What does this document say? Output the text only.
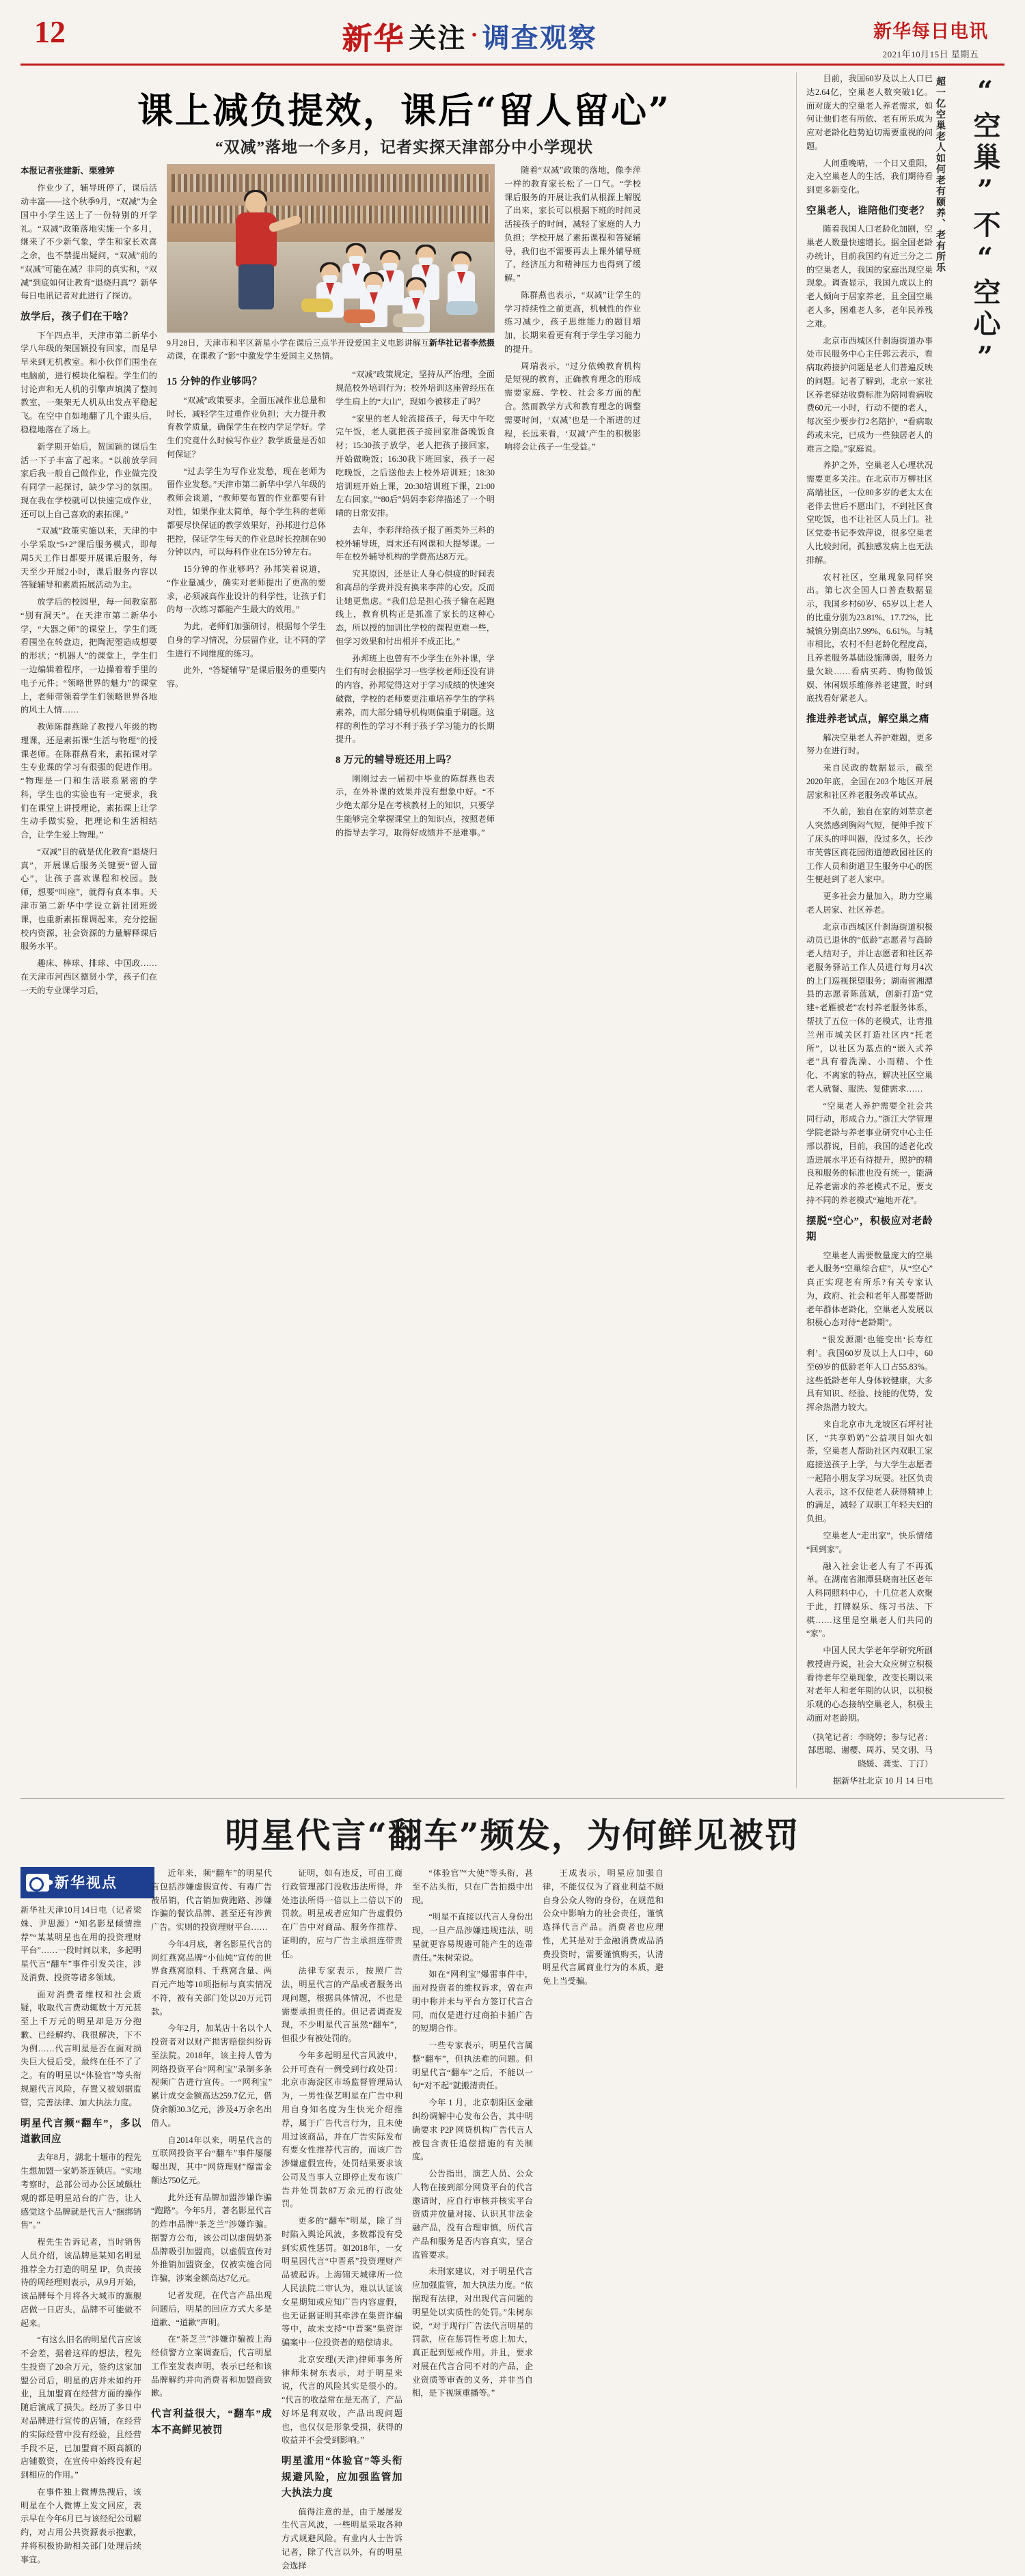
12	新华 关注 · 调查观察	新华每日电讯
2021年10月15日 星期五
课上减负提效，课后“留人留心”
“双减”落地一个多月，记者实探天津部分中小学现状
本报记者张建新、栗雅婷

作业少了，辅导班停了，课后活动丰富——这个秋季9月，“双减”为全国中小学生送上了一份特别的开学礼。“双减”政策落地实施一个多月，继来了不少新气象，学生和家长欢喜之余，也不禁提出疑问，“双减”前的“双减”可能在减？非同的真实和，“双减”到底如何让教育“退烧归真”？新华每日电讯记者对此进行了探访。

放学后，孩子们在干啥？

下午四点半，天津市第二新华小学八年级的架国颖投有回家，而是早早来到无机教室。和小伙伴们围坐在电脑前，进行模块化编程。学生们的讨论声和无人机的引擎声填满了整间教室，一架架无人机从出发点平稳起飞。在空中自如地翻了几个跟头后，稳稳地落在了场上。

新学期开始后，贺国颖的课后生活一下子丰富了起来。“以前放学回家后我一般自己做作业，作业做完没有同学一起探讨，缺少学习的氛围。现在我在学校就可以快速完成作业，还可以上自己喜欢的素拓课。”

“双减”政策实施以来，天津的中小学采取“5+2”课后服务模式，即每周5天工作日都要开展课后服务，每天至少开展2小时，课后服务内容以答疑辅导和素质拓展活动为主。

放学后的校园里，每一间教室都“别有洞天”。在天津市第二新华小学，“大器之师”的课堂上，学生们既看围坐在转盘边，把陶泥塑造成想要的形状；“机器人”的课堂上，学生们一边编辑着程序，一边操着着手里的电子元件；“领略世界的魅力”的课堂上，老师带领着学生们领略世界各地的风土人情……

教师陈群燕除了教授八年级的物理课，还是素拓课“生活与物理”的授课老师。在陈群燕看来，素拓课对学生专业课的学习有很强的促进作用。“物理是一门和生活联系紧密的学科，学生也的实验也有一定要求，我们在课堂上讲授理论，素拓课上让学生动手做实验，把理论和生活相结合，让学生爱上物理。”

“双减”目的就是优化教育“退烧归真”，开展课后服务关键要“留人留心”，让孩子喜欢课程和校园。鼓师，想要“叫座”，就得有真本事。天津市第二新华中学设立新社团班级课，也重新素拓课调起来，充分挖掘校内资源，社会资源的力量解释课后服务水平。

趣床、棒球、排球、中国政……在天津市河西区德贤小学，孩子们在一天的专业课学习后，

新华社记者李然摄
9月28日，天津市和平区新星小学在课后三点半开设爱国主义电影讲解互动课，在课教了“影”中激发学生爱国主义热情。
15 分钟的作业够吗？

“双减”政策要求，全面压减作业总量和时长，减轻学生过重作业负担；大力提升教育教学质量，确保学生在校内学足学好。学生们究竟什么时候写作业？教学质量是否如何保证？

“过去学生为写作业发愁，现在老师为留作业发愁。”天津市第二新华中学八年级的教师会谈道，“教师要布置的作业都要有针对性，如果作业太简单，每个学生科的老师都要尽快保证的教学效果好，孙邦进行总体把控，保证学生每天的作业总时长控制在90分钟以内，可以每科作业在15分钟左右。

15分钟的作业够吗？孙邦笑着说道，“作业量减少，确实对老师提出了更高的要求，必须减高作业设计的科学性，让孩子们的每一次练习都能产生最大的效用。”

为此，老师们加强研讨，根据每个学生自身的学习情况，分层留作业，让不同的学生进行不同维度的练习。

此外，“答疑辅导”是课后服务的重要内容。

“双减”政策规定，坚持从严治理，全面规范校外培训行为；校外培训这座曾经压在学生肩上的“大山”，现如今被移走了吗？

“家里的老人轮流接孩子，每天中午吃完午饭，老人就把孩子接回家准备晚饭食材；15:30孩子放学，老人把孩子接回家，开始做晚饭；16:30我下班回家，孩子一起吃晚饭，之后送他去上校外培训班；18:30培训班开始上课，20:30培训班下课，21:00左右回家。”“80后”妈妈李彩萍描述了一个明晴的日常安排。

去年，李彩萍给孩子报了画类外三科的校外辅导班，周末还有网课和大提琴课。一年在校外辅导机构的学费高达8万元。

究其原因，还是让人身心俱疲的时间表和高昂的学费并没有换来李萍的心安。反而让她更焦虑。“我们总是担心孩子输在起跑线上，教育机构正是抓准了家长的这种心态，所以授的加训比学校的课程更难一些，但学习效果和付出相并不成正比。”

孙邦班上也曾有不少学生在外补课，学生们有时会根据学习一些学校老师还没有讲的内容，孙邦觉得这对于学习成绩的快速突破微，学校的老师要更注重培养学生的学科素养，而大部分辅导机构则偏重于刷题。这样的利性的学习不利于孩子学习能力的长期提升。

8 万元的辅导班还用上吗？

刚刚过去一届初中毕业的陈群燕也表示，在外补课的效果并没有想象中好。“不少绝太部分是在考核教材上的知识，只要学生能够完全掌握课堂上的知识点，按照老师的指导去学习，取得好成绩并不是难事。”

随着“双减”政策的落地，像李萍一样的教育家长松了一口气。“学校课后服务的开展让我们从根源上解脱了出来，家长可以根据下班的时间灵活接孩子的时间，减轻了家庭的人力负担；学校开展了素拓课程和答疑辅导，我们也不需要再去上课外辅导班了，经济压力和精神压力也得到了缓解。”

陈群燕也表示，“双减”让学生的学习持续性之前更高，机械性的作业练习减少，孩子思维能力的题目增加，长期来看更有利于学生学习能力的提升。

周瑞表示，“过分依赖教育机构是短视的教育，正确教育理念的形成需要家庭、学校、社会多方面的配合。然而教学方式和教育理念的调整需要时间，‘双减’也是一个渐进的过程，长远来看，‘双减’产生的积极影响将会让孩子一生受益。”

“空巢”不“空心”
超一亿空巢老人如何老有颐养、老有所乐

目前，我国60岁及以上人口已达2.64亿，空巢老人数突破1亿。面对庞大的空巢老人养老需求，如何让他们老有所依、老有所乐成为应对老龄化趋势迫切需要重视的问题。

人间重晚晴，一个日又重阳，走入空巢老人的生活，我们期待看到更多新变化。

空巢老人，谁陪他们变老？

随着我国人口老龄化加剧，空巢老人数量快速增长。据全国老龄办统计，目前我国约有近三分之二的空巢老人，我国的家庭出现空巢现象。调查显示，我国九成以上的老人倾向于居家养老，且全国空巢老人多，困难老人多，老年民养残之难。

北京市西城区什刹海街道办事处市民服务中心主任郭云表示，看病取药接护问题是老人们普遍反映的问题。记者了解到，北京一家社区养老驿站收费标准为陪同看病收费60元一小时，行动不便的老人，每次至少要步行2名陪护，“看病取药或未完，已成为一些独居老人的难言之隐。”家庭说。

养护之外，空巢老人心理状况需要更多关注。在北京市万柳社区高端社区，一位80多岁的老太太在老伴去世后不愿出门，不到社区食堂吃饭，也不让社区人员上门。社区党委书记李效萍说，很多空巢老人比较封闭，孤独感发病上也无法排解。

农村社区，空巢现象同样突出。第七次全国人口普查数据显示，我国乡村60岁、65岁以上老人的比重分别为23.81%、17.72%，比城镇分别高出7.99%、6.61%。与城市相比，农村不但老龄化程度高，且养老服务基础设施薄弱，服务力量欠缺……看病买药、购物做饭娱、休闲娱乐维修养老建置，时到底找看好紧老人。

推进养老试点，解空巢之痛

解决空巢老人养护难题，更多努力在进行时。

来自民政的数据显示，截至2020年底，全国在203个地区开展居家和社区养老服务改革试点。

不久前，独自在家的刘莘京老人突然感到胸闷气短，便伸手按下了床头的呼叫器，没过多久，长沙市芙蓉区商花园街道德政园社区的工作人员和街道卫生服务中心的医生便赶到了老人家中。

更多社会力量加入，助力空巢老人居家、社区养老。

北京市西城区什刹海街道积极动员已退休的“低龄”志愿者与高龄老人结对子，并让志愿者和社区养老服务驿站工作人员进行每月4次的上门巡视探望服务；湖南省湘潭县的志愿者陈蓝斌，创新打造“党建+老雁被老”农村养老服务体系，帮扶了五位一体的老模式，让青推兰州市城关区打造社区内“托老所”，以社区为基点的“嵌入式养老”具有着洗澡、小而精、个性化、不离家的特点，解决社区空巢老人就餐、服洗、复健需求……

“空巢老人养护需要全社会共同行动，形成合力。”浙江大学管理学院老龄与养老事业研究中心主任邢以群说，目前，我国的适老化改造进展水平还有待提升，照护的精良和服务的标准也没有统一，能满足养老需求的养老模式不足，要支持不同的养老模式“遍地开花”。

摆脱“空心”，积极应对老龄期

空巢老人需要数量庞大的空巢老人服务“空巢综合症”，从“空心”真正实现老有所乐?有关专家认为，政府、社会和老年人都要帮助老年群体老龄化，空巢老人发展以积极心态对待“老龄期”。

“很发源潮‘也能变出‘长寿红利’。我国60岁及以上人口中，60至69岁的低龄老年人口占55.83%。这些低龄老年人身体较健康，大多具有知识、经验、技能的优势，发挥余热潜力较大。

来自北京市九龙坡区石坪村社区，“共享奶奶”公益项目如火如荼，空巢老人帮助社区内双职工家庭接送孩子上学，与大学生志愿者一起陪小朋友学习玩耍。社区负责人表示，这不仅使老人获得精神上的满足，减轻了双职工年轻夫妇的负担。

空巢老人“走出家”，快乐情绪“回到家”。

融入社会让老人有了不再孤单。在湖南省湘潭县晓南社区老年人科同照料中心，十几位老人欢聚于此，打牌娱乐、练习书法、下棋……这里是空巢老人们共同的“家”。

中国人民大学老年学研究所副教授唐丹说，社会大众应树立积极看待老年空巢现象，改变长期以来对老年人和老年期的认识，以积极乐观的心态接纳空巢老人，积极主动面对老龄期。

（执笔记者：李晓婷；参与记者：郜思聪、谢樱、周苏、吴文诩、马晓媛、龚雯、丁汀）
据新华社北京 10 月 14 日电
明星代言“翻车”频发，为何鲜见被罚
新华视点
新华社天津10月14日电（记者梁姝、尹思源）“知名影星倾情推荐”“某某明星也在用的投资理财平台”……一段时间以来，多起明星代言“翻车”事件引发关注，涉及消费、投资等诸多领域。

面对消费者维权和社会质疑，收取代言费动辄数十万元甚至上千万元的明星却是万分抱歉、已经解约、我很解决，下不为例……代言明星是否在面对损失巨大侵后受，最终在任不了了之。有的明星以“体验官”等头衔规避代言风险，存置又被划据监管，完善法律、加大执法力度。

明星代言频“翻车”，多以道歉回应

去年8月，湖北十堰市的程先生想加盟一家奶茶连锁店。“实地考察时，总部公司办公区域颇壮观的都是明星站台的广告，让人感觉这个品牌就是代言人“捆绑销售”。”

程先生告诉记者，当时销售人员介绍，该品牌是某知名明星推荐全力打造的明星 IP，负责接待的周经理则表示，从9月开始，该品牌每个月将各大城市的旗舰店做一日店头，品牌不可能做不起来。

“有这么旧名的明星代言应该不会差，据着这样的想法，程先生投资了20余万元，签约这家加盟公司后，明星的店并未如约开业，且加盟商在经营方面的操作随后演成了损失。经历了多日中对品牌进行宣传的店铺，在经营的实际经营中没有经验，且经营手段不足，已加盟商不顾高额的店铺数资，在宣传中始终没有起到相应的作用。”

在事件独上微博热搜后，该明星在个人微博上发文回应，表示早在今年6月已与该经纪公司解约，对占用公共资源表示抱歉，并将积极协助相关部门处理后续事宜。

近年来，频“翻车”的明星代言包括涉嫌虚假宣传、有毒广告被吊销，代言销加费跑路、涉嫌诈骗的餐饮品牌、甚至还有涉黄广告。实则的投资理财平台……

今年4月底，著名影星代言的网红燕窝品牌“小仙炖”宣传的世界食燕窝原料、千燕窝含量、两百元产地等10项指标与真实情况不符，被有关部门处以20万元罚款。

今年2月，加某店十名以个人投资者对以财产损害赔偿纠纷诉至法院。2018年，该主持人曾为网络投资平台“网利宝”录制多条视频广告进行宣传。一“网利宝”累计成交金额高达259.7亿元，借贷余额30.3亿元，涉及4万余名出借人。

自2014年以来，明星代言的互联网投资平台“翻车”事件屡屡曝出现，其中“网贷理财”爆雷金额达750亿元。

此外还有品牌加盟涉嫌诈骗“跑路”。今年5月，著名影星代言的炸串品牌“茶芝兰”涉嫌诈骗。据警方公布，该公司以虚假奶茶品牌吸引加盟商，以虚假宣传对外推销加盟资金，仅被实施合同诈骗，涉案金额高达7亿元。

记者发现，在代言产品出现问题后，明星的回应方式大多是道歉、“道歉”声明。

在“茶芝兰”涉嫌诈骗被上海经侦警方立案调查后，代言明星工作室发表声明，表示已经和该品牌解约并向消费者和加盟商致歉。

代言利益很大，“翻车”成本不高鲜见被罚

证明，如有违反，可由工商行政管理部门没收违法所得，并处违法所得一倍以上二倍以下的罚款。明星或者应知广告虚假仍在广告中对商品、服务作推荐、证明的，应与广告主承担连带责任。

法律专家表示，按照广告法，明星代言的产品或者服务出现问题，根据具体情况，不也是需要承担责任的。但记者调查发现，不少明星代言虽然“翻车”，但很少有被处罚的。

今年多起明星代言风波中，公开可查有一例受到行政处罚：北京市海淀区市场监督管理局认为，一男性保艺明星在广告中利用自身知名度为生快光介绍推荐，属于广告代言行为，且未使用过该商品，并在广告实际发布有要女性推荐代言的，而该广告涉嫌虚假宣传，处罚结果要求该公司及当事人立即停止发布该广告并处罚款87万余元的行政处罚。

更多的“翻车”明星，除了当时陷入舆论风波，多数都没有受到实质性惩罚。如2018年，一女明星因代言“中晋系”投资理财产品被起诉。上海锦天城律所一位人民法院二审认为，难以认证该女星期知或应知广告内容虚假，也无证据证明其牵涉在集资诈骗等中，故未支持“中晋案”集资诈骗案中一位投资者的赔偿请求。

北京安理(天津)律师事务所律师朱树东表示，对于明星来说，代言的风险其实是很小的。“代言的收益常在是无高了，产品好坏是利双收，产品出现问题也，也仅仅是形象受损，获得的收益并不会受到影响。”

明星滥用“体验官”等头衔规避风险，应加强监管加大执法力度

值得注意的是，由于屡屡发生代言风波，一些明星采取各种方式规避风险。有业内人士告诉记者，除了代言以外，有的明星会选择

“体验官”“大使”等头衔，甚至不沾头衔，只在广告拍摄中出现。

“明星不直接以代言人身份出现，一旦产品涉嫌违规违法，明星就更容易规避可能产生的连带责任。”朱树荣说。

如在“网利宝”爆雷事件中，面对投资者的维权诉求，曾在声明中称并未与平台方签订代言合同，而仅是进行过商拍卡插广告的短期合作。

一些专家表示，明星代言属整“翻车”，但执法难的问题。但明星代言“翻车”之后，不能以一句“对不起”就搬清责任。

今年 1 月，北京朝阳区金融纠纷调解中心发布公告，其中明确要求 P2P 网贷机构广告代言人被包含责任追偿措施的有关制度。

公告指出，演艺人员、公众人物在接到部分网贷平台的代言邀请时，应自行审核并核实平台资质并放量对接、认识其非法金融产品，没有合理审慎，所代言产品和服务是否内容真实，坚合监管要求。

未刑家建议，对于明星代言应加强监管，加大执法力度。“依据现有法律，对出现代言问题的明星处以实质性的处罚。”朱树东说，“对于现行广告法代言明星的罚款，应在惩罚性考虑上加大，真正起到惩戒作用。并且，要求对展在代言合同不对的产品，企业资质等审查的义务，并非当自相，是下视频重播等。”

王成表示，明星应加强自律，不能仅仅为了商业利益不顾自身公众人物的身份，在规范和公众中影响力的社会责任，谨慎选择代言产品。消费者也应理性，尤其是对于金融消费或品消费投资时，需要谨慎购买，认清明星代言属商业行为的本质，避免上当受骗。
